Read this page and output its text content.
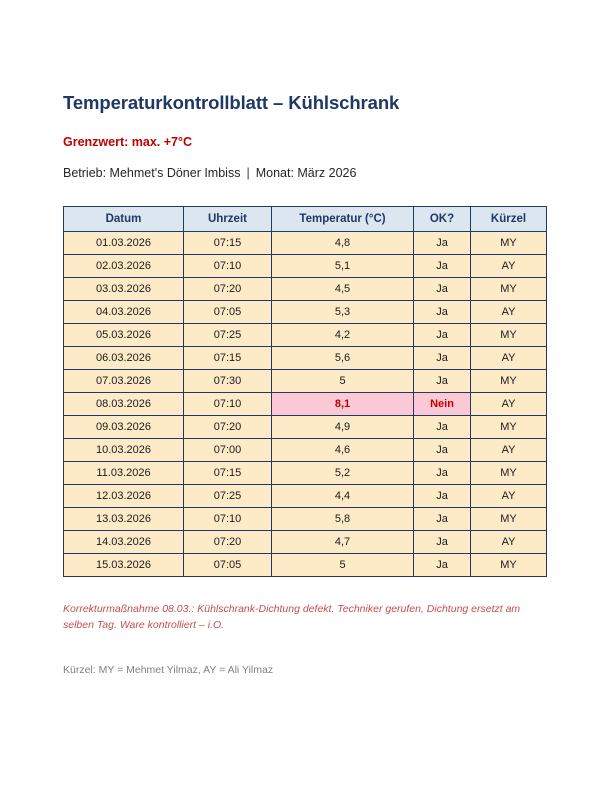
Temperaturkontrollblatt – Kühlschrank
Grenzwert: max. +7°C
Betrieb: Mehmet's Döner Imbiss | Monat: März 2026
Datum	Uhrzeit	Temperatur (°C)	OK?	Kürzel
01.03.2026	07:15	4,8	Ja	MY
02.03.2026	07:10	5,1	Ja	AY
03.03.2026	07:20	4,5	Ja	MY
04.03.2026	07:05	5,3	Ja	AY
05.03.2026	07:25	4,2	Ja	MY
06.03.2026	07:15	5,6	Ja	AY
07.03.2026	07:30	5	Ja	MY
08.03.2026	07:10	8,1	Nein	AY
09.03.2026	07:20	4,9	Ja	MY
10.03.2026	07:00	4,6	Ja	AY
11.03.2026	07:15	5,2	Ja	MY
12.03.2026	07:25	4,4	Ja	AY
13.03.2026	07:10	5,8	Ja	MY
14.03.2026	07:20	4,7	Ja	AY
15.03.2026	07:05	5	Ja	MY
Korrekturmaßnahme 08.03.: Kühlschrank-Dichtung defekt. Techniker gerufen, Dichtung ersetzt am selben Tag. Ware kontrolliert – i.O.
Kürzel: MY = Mehmet Yilmaz, AY = Ali Yilmaz
